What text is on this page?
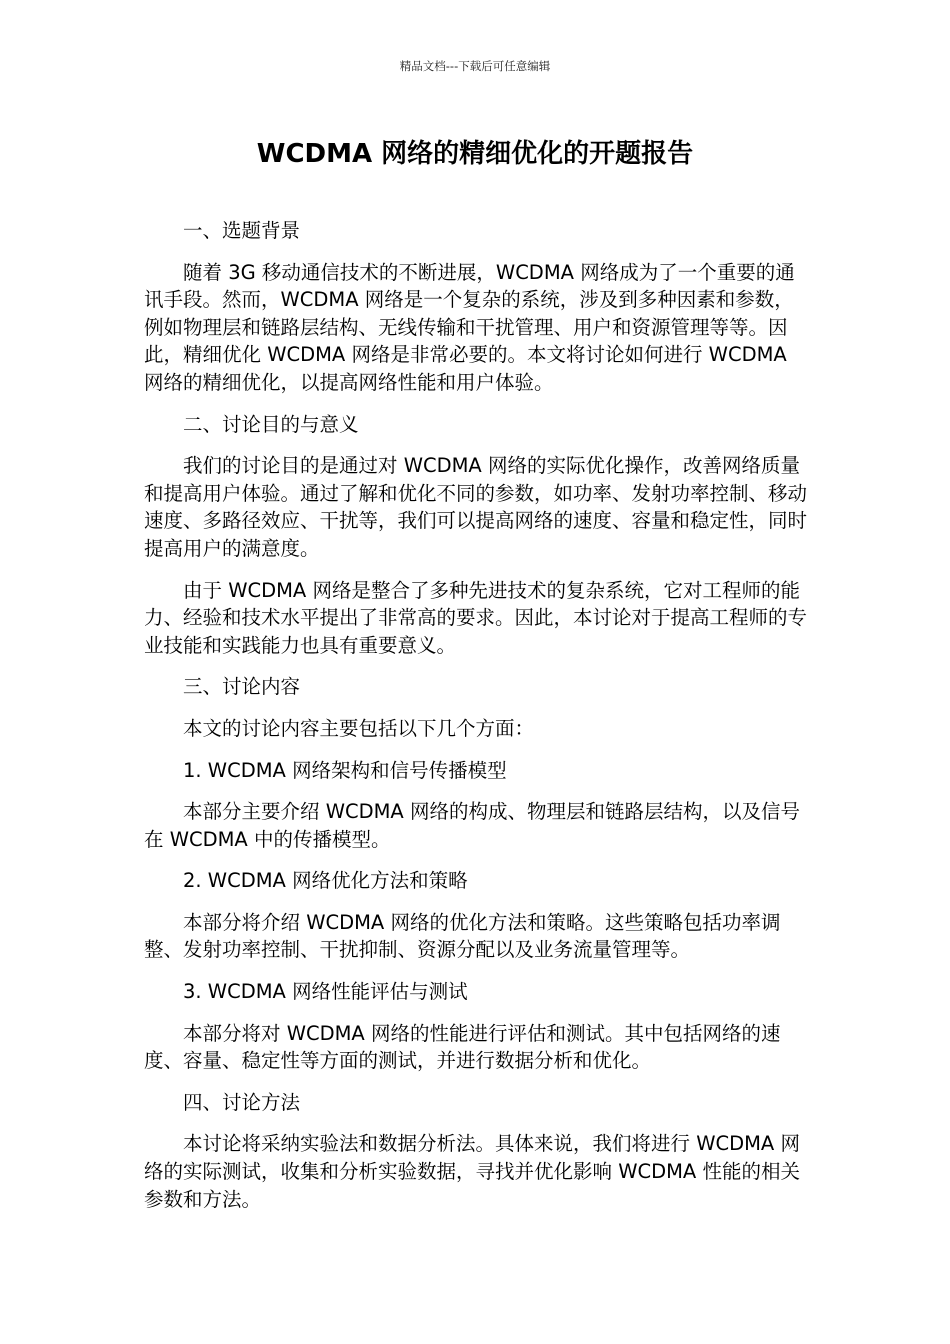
精品文档---下载后可任意编辑
WCDMA 网络的精细优化的开题报告

一、选题背景

随着 3G 移动通信技术的不断进展，WCDMA 网络成为了一个重要的通讯手段。然而，WCDMA 网络是一个复杂的系统，涉及到多种因素和参数，例如物理层和链路层结构、无线传输和干扰管理、用户和资源管理等等。因此，精细优化 WCDMA 网络是非常必要的。本文将讨论如何进行 WCDMA 网络的精细优化，以提高网络性能和用户体验。

二、讨论目的与意义

我们的讨论目的是通过对 WCDMA 网络的实际优化操作，改善网络质量和提高用户体验。通过了解和优化不同的参数，如功率、发射功率控制、移动速度、多路径效应、干扰等，我们可以提高网络的速度、容量和稳定性，同时提高用户的满意度。

由于 WCDMA 网络是整合了多种先进技术的复杂系统，它对工程师的能力、经验和技术水平提出了非常高的要求。因此，本讨论对于提高工程师的专业技能和实践能力也具有重要意义。

三、讨论内容

本文的讨论内容主要包括以下几个方面：

1. WCDMA 网络架构和信号传播模型

本部分主要介绍 WCDMA 网络的构成、物理层和链路层结构，以及信号在 WCDMA 中的传播模型。

2. WCDMA 网络优化方法和策略

本部分将介绍 WCDMA 网络的优化方法和策略。这些策略包括功率调整、发射功率控制、干扰抑制、资源分配以及业务流量管理等。

3. WCDMA 网络性能评估与测试

本部分将对 WCDMA 网络的性能进行评估和测试。其中包括网络的速度、容量、稳定性等方面的测试，并进行数据分析和优化。

四、讨论方法

本讨论将采纳实验法和数据分析法。具体来说，我们将进行 WCDMA 网络的实际测试，收集和分析实验数据，寻找并优化影响 WCDMA 性能的相关参数和方法。
